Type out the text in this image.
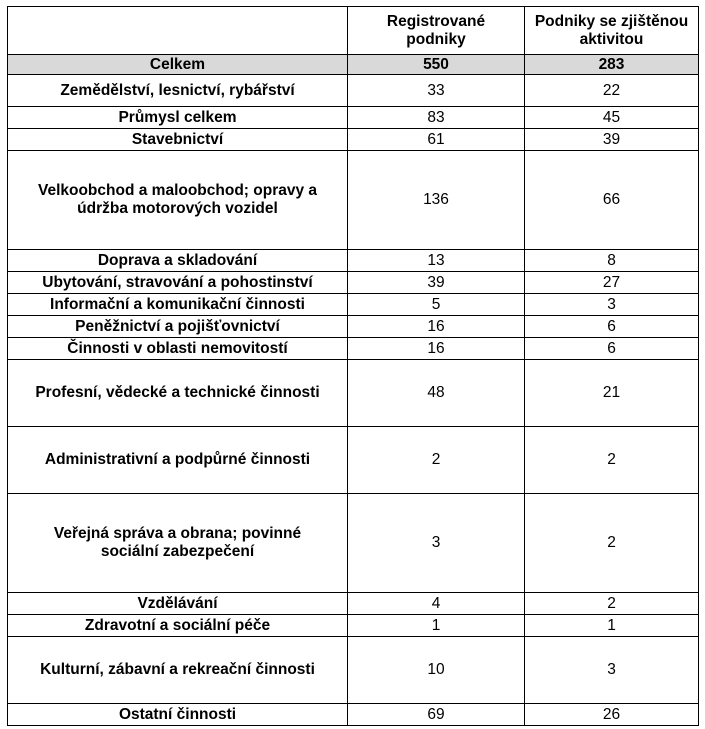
	Registrované podniky	Podniky se zjištěnou aktivitou

Celkem	550	283
Zemědělství, lesnictví, rybářství	33	22
Průmysl celkem	83	45
Stavebnictví	61	39

Velkoobchod a maloobchod; opravy a údržba motorových vozidel	136	66
Doprava a skladování	13	8
Ubytování, stravování a pohostinství	39	27
Informační a komunikační činnosti	5	3
Peněžnictví a pojišťovnictví	16	6
Činnosti v oblasti nemovitostí	16	6
Profesní, vědecké a technické činnosti	48	21
Administrativní a podpůrné činnosti	2	2

Veřejná správa a obrana; povinné sociální zabezpečení	3	2
Vzdělávání	4	2
Zdravotní a sociální péče	1	1
Kulturní, zábavní a rekreační činnosti	10	3
Ostatní činnosti	69	26
